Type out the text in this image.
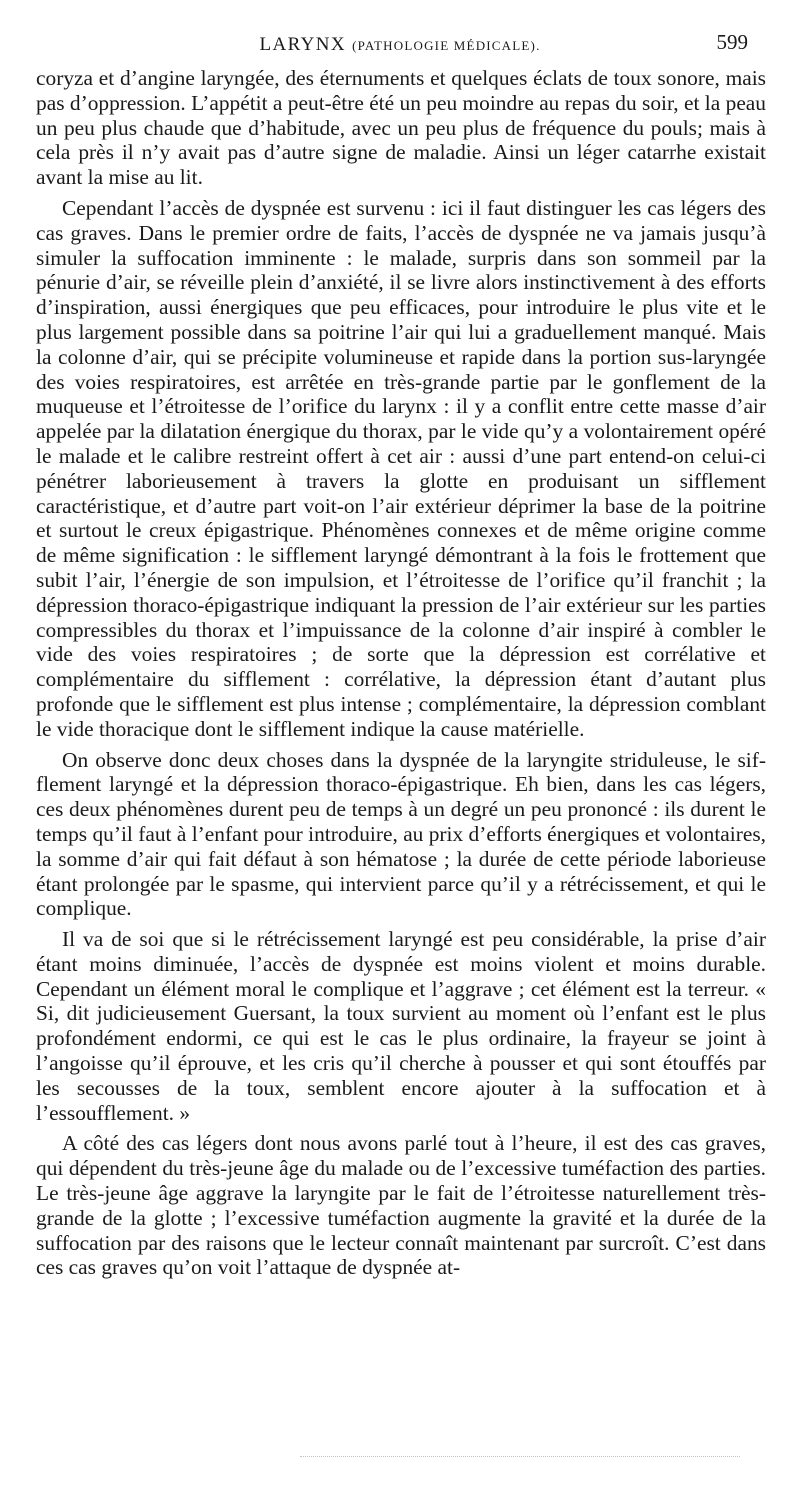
LARYNX (PATHOLOGIE MÉDICALE).	599

coryza et d’angine laryngée, des éternuments et quelques éclats de toux sonore, mais pas d’oppression. L’appétit a peut-être été un peu moindre au repas du soir, et la peau un peu plus chaude que d’habitude, avec un peu plus de fréquence du pouls; mais à cela près il n’y avait pas d’autre signe de maladie. Ainsi un léger catarrhe existait avant la mise au lit.

Cependant l’accès de dyspnée est survenu : ici il faut distinguer les cas légers des cas graves. Dans le premier ordre de faits, l’accès de dyspnée ne va jamais jusqu’à simuler la suffocation imminente : le malade, surpris dans son sommeil par la pénurie d’air, se réveille plein d’anxiété, il se livre alors instinctivement à des efforts d’inspiration, aussi énergiques que peu efficaces, pour introduire le plus vite et le plus largement possible dans sa poitrine l’air qui lui a graduellement manqué. Mais la colonne d’air, qui se précipite volumineuse et rapide dans la portion sus-laryngée des voies respiratoires, est arrêtée en très-grande partie par le gonflement de la muqueuse et l’étroitesse de l’orifice du larynx : il y a conflit entre cette masse d’air appelée par la dilatation énergique du thorax, par le vide qu’y a volontairement opéré le malade et le calibre restreint offert à cet air : aussi d’une part entend-on celui-ci pénétrer laborieusement à travers la glotte en produisant un sifflement caractéristique, et d’autre part voit-on l’air extérieur déprimer la base de la poitrine et surtout le creux épigastrique. Phénomènes connexes et de même origine comme de même signification : le sifflement laryngé démontrant à la fois le frottement que subit l’air, l’énergie de son impulsion, et l’étroitesse de l’orifice qu’il franchit ; la dépression thoraco-épigastrique indiquant la pression de l’air extérieur sur les parties compressibles du thorax et l’impuissance de la colonne d’air inspiré à combler le vide des voies respiratoires ; de sorte que la dépression est corrélative et complémentaire du sifflement : corrélative, la dépression étant d’autant plus profonde que le sifflement est plus intense ; complémentaire, la dépression comblant le vide thoracique dont le sifflement indique la cause matérielle.

On observe donc deux choses dans la dyspnée de la laryngite striduleuse, le sifflement laryngé et la dépression thoraco-épigastrique. Eh bien, dans les cas légers, ces deux phénomènes durent peu de temps à un degré un peu prononcé : ils durent le temps qu’il faut à l’enfant pour introduire, au prix d’efforts énergiques et volontaires, la somme d’air qui fait défaut à son hématose ; la durée de cette période laborieuse étant prolongée par le spasme, qui intervient parce qu’il y a rétrécissement, et qui le complique.

Il va de soi que si le rétrécissement laryngé est peu considérable, la prise d’air étant moins diminuée, l’accès de dyspnée est moins violent et moins durable. Cependant un élément moral le complique et l’aggrave ; cet élément est la terreur. « Si, dit judicieusement Guersant, la toux survient au moment où l’enfant est le plus profondément endormi, ce qui est le cas le plus ordinaire, la frayeur se joint à l’angoisse qu’il éprouve, et les cris qu’il cherche à pousser et qui sont étouffés par les secousses de la toux, semblent encore ajouter à la suffocation et à l’essoufflement. »

A côté des cas légers dont nous avons parlé tout à l’heure, il est des cas graves, qui dépendent du très-jeune âge du malade ou de l’excessive tuméfaction des parties. Le très-jeune âge aggrave la laryngite par le fait de l’étroitesse naturellement très-grande de la glotte ; l’excessive tuméfaction augmente la gravité et la durée de la suffocation par des raisons que le lecteur connaît maintenant par surcroît. C’est dans ces cas graves qu’on voit l’attaque de dyspnée at-
